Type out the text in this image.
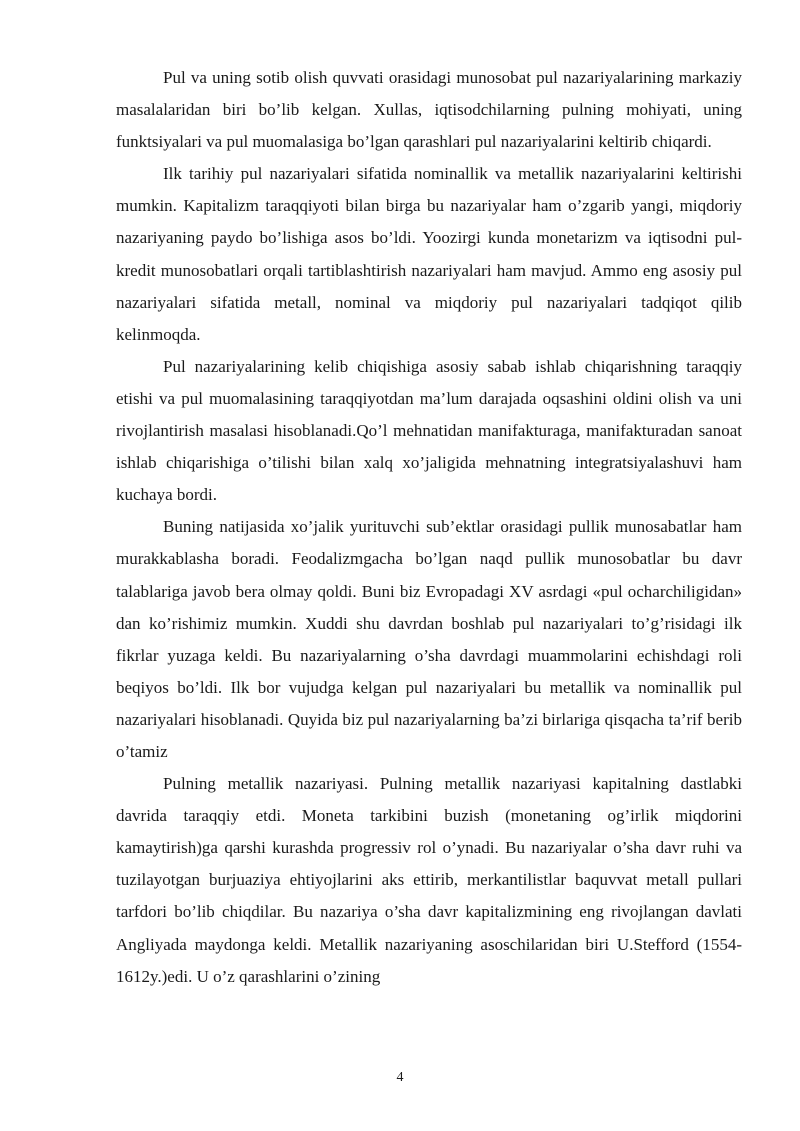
Pul va uning sotib olish quvvati orasidagi munosobat pul nazariyalarining markaziy masalalaridan biri bo’lib kelgan. Xullas, iqtisodchilarning pulning mohiyati, uning funktsiyalari va pul muomalasiga bo’lgan qarashlari pul nazariyalarini keltirib chiqardi.

Ilk tarihiy pul nazariyalari sifatida nominallik va metallik nazariyalarini keltirishi mumkin. Kapitalizm taraqqiyoti bilan birga bu nazariyalar ham o’zgarib yangi, miqdoriy nazariyaning paydo bo’lishiga asos bo’ldi. Yoozirgi kunda monetarizm va iqtisodni pul-kredit munosobatlari orqali tartiblashtirish nazariyalari ham mavjud. Ammo eng asosiy pul nazariyalari sifatida metall, nominal va miqdoriy pul nazariyalari tadqiqot qilib kelinmoqda.

Pul nazariyalarining kelib chiqishiga asosiy sabab ishlab chiqarishning taraqqiy etishi va pul muomalasining taraqqiyotdan ma’lum darajada oqsashini oldini olish va uni rivojlantirish masalasi hisoblanadi.Qo’l mehnatidan manifakturaga, manifakturadan sanoat ishlab chiqarishiga o’tilishi bilan xalq xo’jaligida mehnatning integratsiyalashuvi ham kuchaya bordi.

Buning natijasida xo’jalik yurituvchi sub’ektlar orasidagi pullik munosabatlar ham murakkablasha boradi. Feodalizmgacha bo’lgan naqd pullik munosobatlar bu davr talablariga javob bera olmay qoldi. Buni biz Evropadagi XV asrdagi «pul ocharchiligidan» dan ko’rishimiz mumkin. Xuddi shu davrdan boshlab pul nazariyalari to’g’risidagi ilk fikrlar yuzaga keldi. Bu nazariyalarning o’sha davrdagi muammolarini echishdagi roli beqiyos bo’ldi. Ilk bor vujudga kelgan pul nazariyalari bu metallik va nominallik pul nazariyalari hisoblanadi. Quyida biz pul nazariyalarning ba’zi birlariga qisqacha ta’rif berib o’tamiz

Pulning metallik nazariyasi. Pulning metallik nazariyasi kapitalning dastlabki davrida taraqqiy etdi. Moneta tarkibini buzish (monetaning og’irlik miqdorini kamaytirish)ga qarshi kurashda progressiv rol o’ynadi. Bu nazariyalar o’sha davr ruhi va tuzilayotgan burjuaziya ehtiyojlarini aks ettirib, merkantilistlar baquvvat metall pullari tarfdori bo’lib chiqdilar. Bu nazariya o’sha davr kapitalizmining eng rivojlangan davlati Angliyada maydonga keldi. Metallik nazariyaning asoschilaridan biri U.Stefford (1554-1612y.)edi. U o’z qarashlarini o’zining

4
